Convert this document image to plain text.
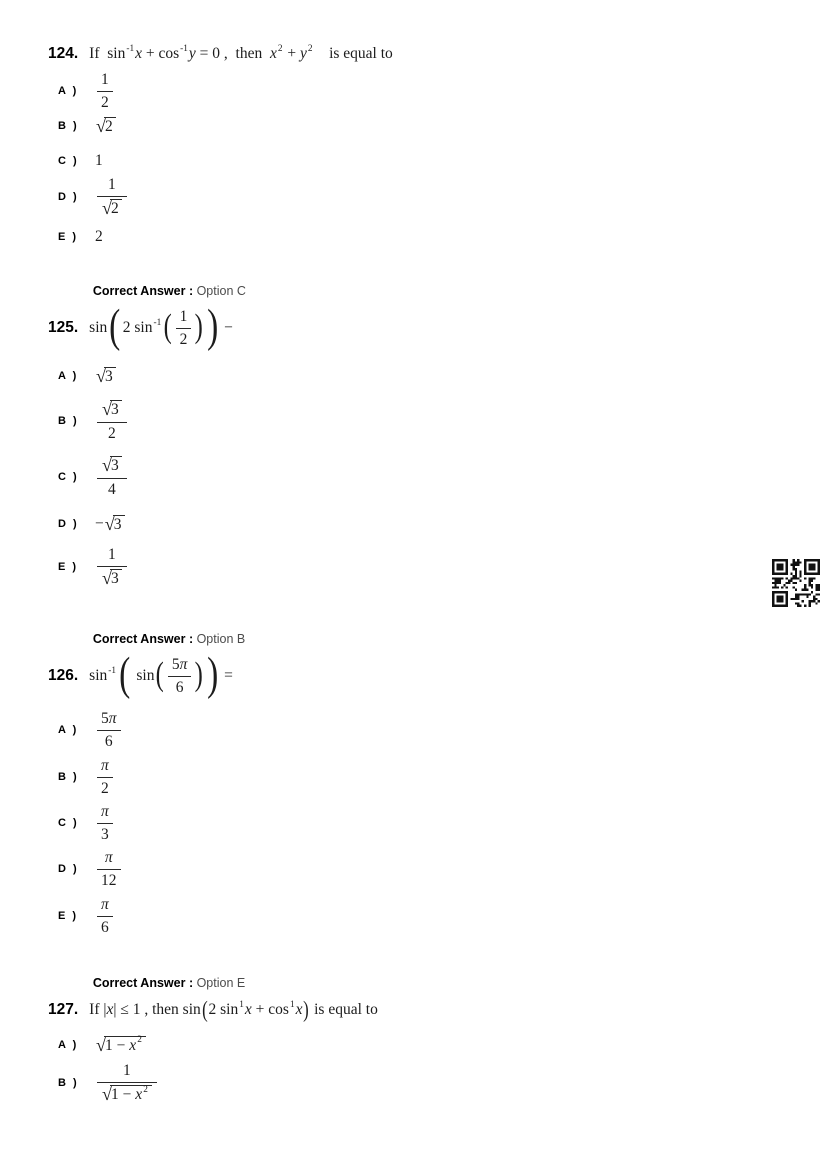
124. If  $\sin^{-1}x + \cos^{-1}y = 0$ ,  then  $x^2 + y^2$    is equal to
A )	$\frac{1}{2}$
B ) √ 2
C )	1
D )	$\frac{1}{√ 2}$
E )	2

Correct Answer : Option C

125. sin( 2 $\sin^{-1}( \frac{1}{2}$ )) −
A ) √ 3
B )	$\frac{√ 3}{2}$
C )	$\frac{√ 3}{4}$
D )	− √ 3
E )	$\frac{1}{√ 3}$

Correct Answer : Option B

126. $\sin^{-1}$( $\sin( \frac{5\pi}{6}$ )) =
A )	$\frac{5\pi}{6}$
B )	$\frac{\pi}{2}$
C )	$\frac{\pi}{3}$
D )	$\frac{\pi}{12}$
E )	$\frac{\pi}{6}$

Correct Answer : Option E

127. If |x| ≤ 1 , then sin(2 $\sin^1x + \cos^1x$) is equal to
A ) √ $1 - x^2$
B )	$\frac{1}{√ 1 - x^2}$
